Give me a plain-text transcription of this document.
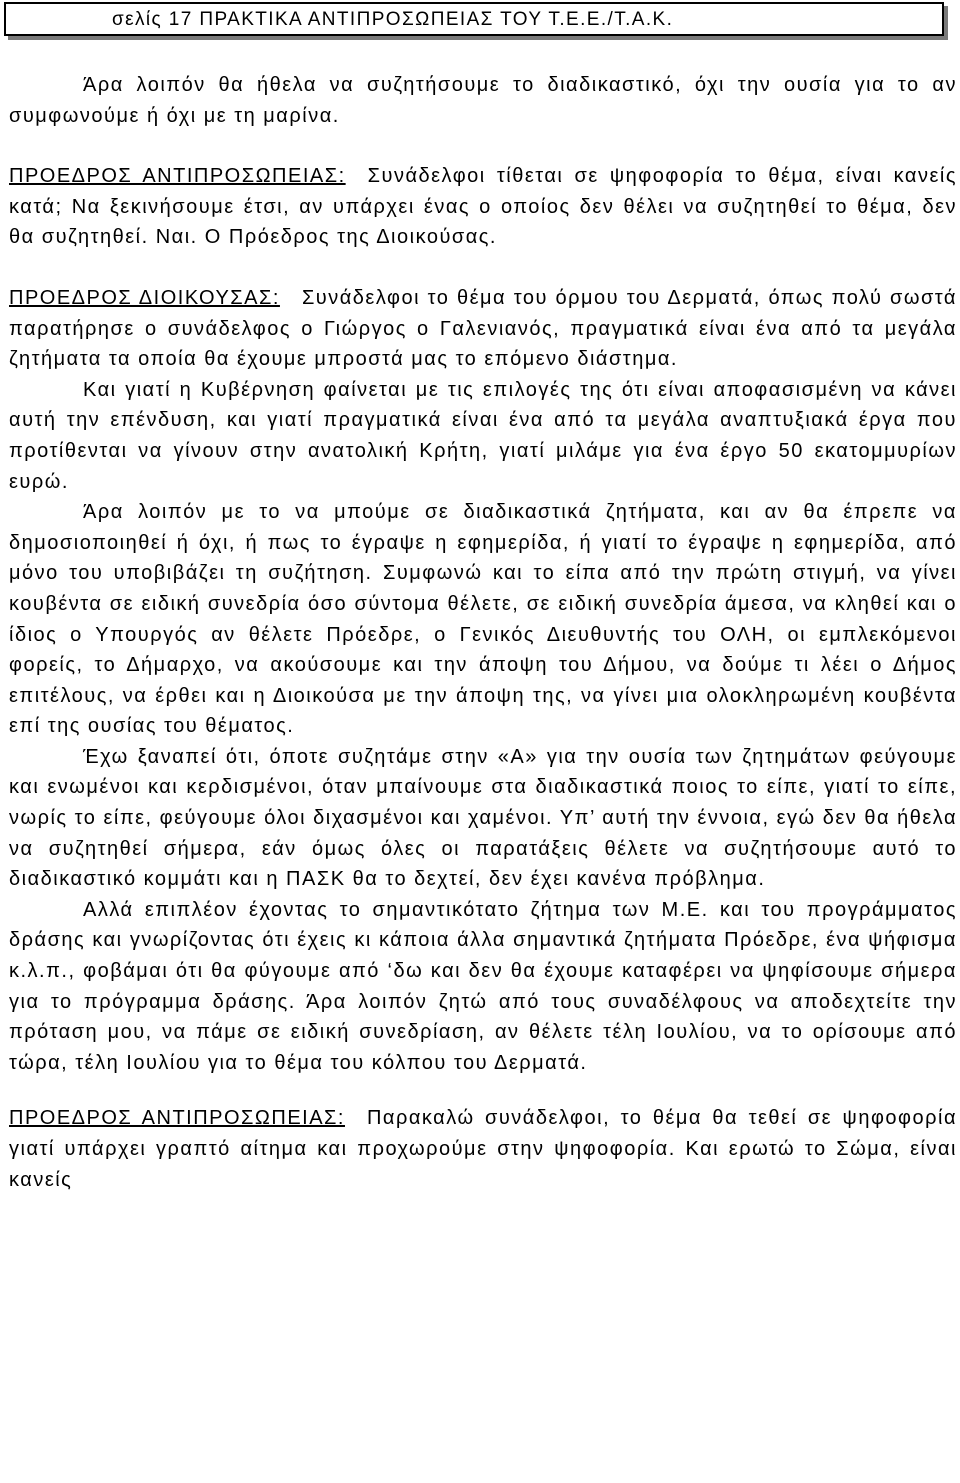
σελίς 17 ΠΡΑΚΤΙΚΑ ΑΝΤΙΠΡΟΣΩΠΕΙΑΣ ΤΟΥ Τ.Ε.Ε./Τ.Α.Κ.

Άρα λοιπόν θα ήθελα να συζητήσουμε το διαδικαστικό, όχι την ουσία για το αν συμφωνούμε ή όχι με τη μαρίνα.

ΠΡΟΕΔΡΟΣ ΑΝΤΙΠΡΟΣΩΠΕΙΑΣ: Συνάδελφοι τίθεται σε ψηφοφορία το θέμα, είναι κανείς κατά; Να ξεκινήσουμε έτσι, αν υπάρχει ένας ο οποίος δεν θέλει να συζητηθεί το θέμα, δεν θα συζητηθεί. Ναι. Ο Πρόεδρος της Διοικούσας.

ΠΡΟΕΔΡΟΣ ΔΙΟΙΚΟΥΣΑΣ: Συνάδελφοι το θέμα του όρμου του Δερματά, όπως πολύ σωστά παρατήρησε ο συνάδελφος ο Γιώργος ο Γαλενιανός, πραγματικά είναι ένα από τα μεγάλα ζητήματα τα οποία θα έχουμε μπροστά μας το επόμενο διάστημα.

Και γιατί η Κυβέρνηση φαίνεται με τις επιλογές της ότι είναι αποφασισμένη να κάνει αυτή την επένδυση, και γιατί πραγματικά είναι ένα από τα μεγάλα αναπτυξιακά έργα που προτίθενται να γίνουν στην ανατολική Κρήτη, γιατί μιλάμε για ένα έργο 50 εκατομμυρίων ευρώ.

Άρα λοιπόν με το να μπούμε σε διαδικαστικά ζητήματα, και αν θα έπρεπε να δημοσιοποιηθεί ή όχι, ή πως το έγραψε η εφημερίδα, ή γιατί το έγραψε η εφημερίδα, από μόνο του υποβιβάζει τη συζήτηση. Συμφωνώ και το είπα από την πρώτη στιγμή, να γίνει κουβέντα σε ειδική συνεδρία όσο σύντομα θέλετε, σε ειδική συνεδρία άμεσα, να κληθεί και ο ίδιος ο Υπουργός αν θέλετε Πρόεδρε, ο Γενικός Διευθυντής του ΟΛΗ, οι εμπλεκόμενοι φορείς, το Δήμαρχο, να ακούσουμε και την άποψη του Δήμου, να δούμε τι λέει ο Δήμος επιτέλους, να έρθει και η Διοικούσα με την άποψη της, να γίνει μια ολοκληρωμένη κουβέντα επί της ουσίας του θέματος.

Έχω ξαναπεί ότι, όποτε συζητάμε στην «Α» για την ουσία των ζητημάτων φεύγουμε και ενωμένοι και κερδισμένοι, όταν μπαίνουμε στα διαδικαστικά ποιος το είπε, γιατί το είπε, νωρίς το είπε, φεύγουμε όλοι διχασμένοι και χαμένοι. Υπ’ αυτή την έννοια, εγώ δεν θα ήθελα να συζητηθεί σήμερα, εάν όμως όλες οι παρατάξεις θέλετε να συζητήσουμε αυτό το διαδικαστικό κομμάτι και η ΠΑΣΚ θα το δεχτεί, δεν έχει κανένα πρόβλημα.

Αλλά επιπλέον έχοντας το σημαντικότατο ζήτημα των Μ.Ε. και του προγράμματος δράσης και γνωρίζοντας ότι έχεις κι κάποια άλλα σημαντικά ζητήματα Πρόεδρε, ένα ψήφισμα κ.λ.π., φοβάμαι ότι θα φύγουμε από ‘δω και δεν θα έχουμε καταφέρει να ψηφίσουμε σήμερα για το πρόγραμμα δράσης. Άρα λοιπόν ζητώ από τους συναδέλφους να αποδεχτείτε την πρόταση μου, να πάμε σε ειδική συνεδρίαση, αν θέλετε τέλη Ιουλίου, να το ορίσουμε από τώρα, τέλη Ιουλίου για το θέμα του κόλπου του Δερματά.

ΠΡΟΕΔΡΟΣ ΑΝΤΙΠΡΟΣΩΠΕΙΑΣ: Παρακαλώ συνάδελφοι, το θέμα θα τεθεί σε ψηφοφορία γιατί υπάρχει γραπτό αίτημα και προχωρούμε στην ψηφοφορία. Και ερωτώ το Σώμα, είναι κανείς
